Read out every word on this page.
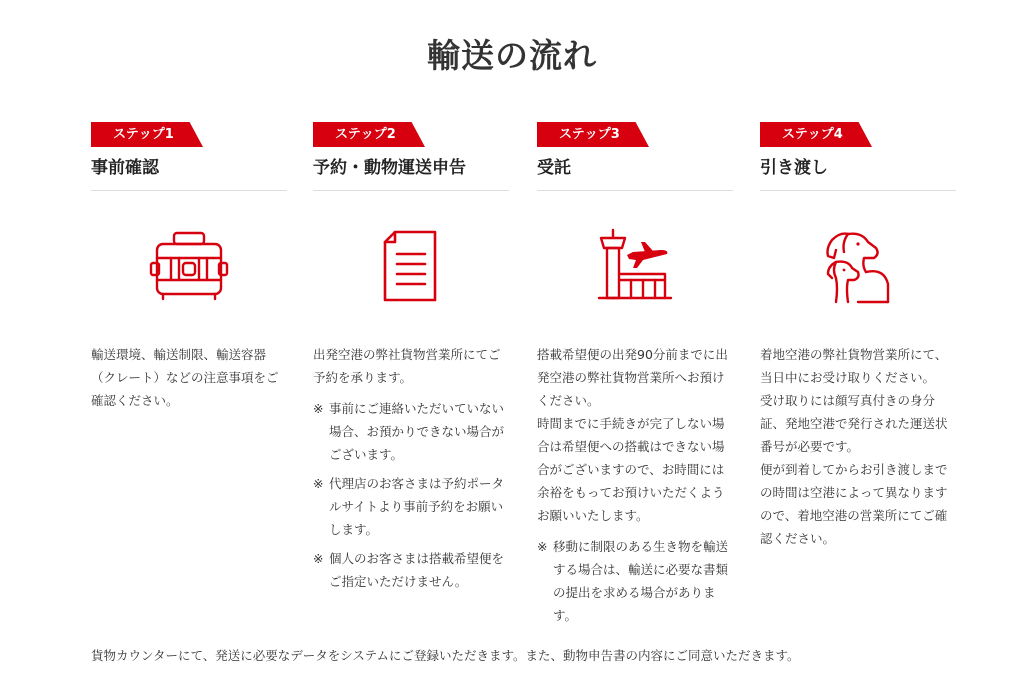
輸送の流れ
ステップ1
事前確認

輸送環境、輸送制限、輸送容器（クレート）などの注意事項をご確認ください。

ステップ2
予約・動物運送申告

出発空港の弊社貨物営業所にてご予約を承ります。

※ 事前にご連絡いただいていない場合、お預かりできない場合がございます。
※ 代理店のお客さまは予約ポータルサイトより事前予約をお願いします。
※ 個人のお客さまは搭載希望便をご指定いただけません。
ステップ3
受託

搭載希望便の出発90分前までに出発空港の弊社貨物営業所へお預けください。

時間までに手続きが完了しない場合は希望便への搭載はできない場合がございますので、お時間には余裕をもってお預けいただくようお願いいたします。

※ 移動に制限のある生き物を輸送する場合は、輸送に必要な書類の提出を求める場合があります。
ステップ4
引き渡し

着地空港の弊社貨物営業所にて、当日中にお受け取りください。

受け取りには顔写真付きの身分証、発地空港で発行された運送状番号が必要です。

便が到着してからお引き渡しまでの時間は空港によって異なりますので、着地空港の営業所にてご確認ください。

貨物カウンターにて、発送に必要なデータをシステムにご登録いただきます。また、動物申告書の内容にご同意いただきます。
